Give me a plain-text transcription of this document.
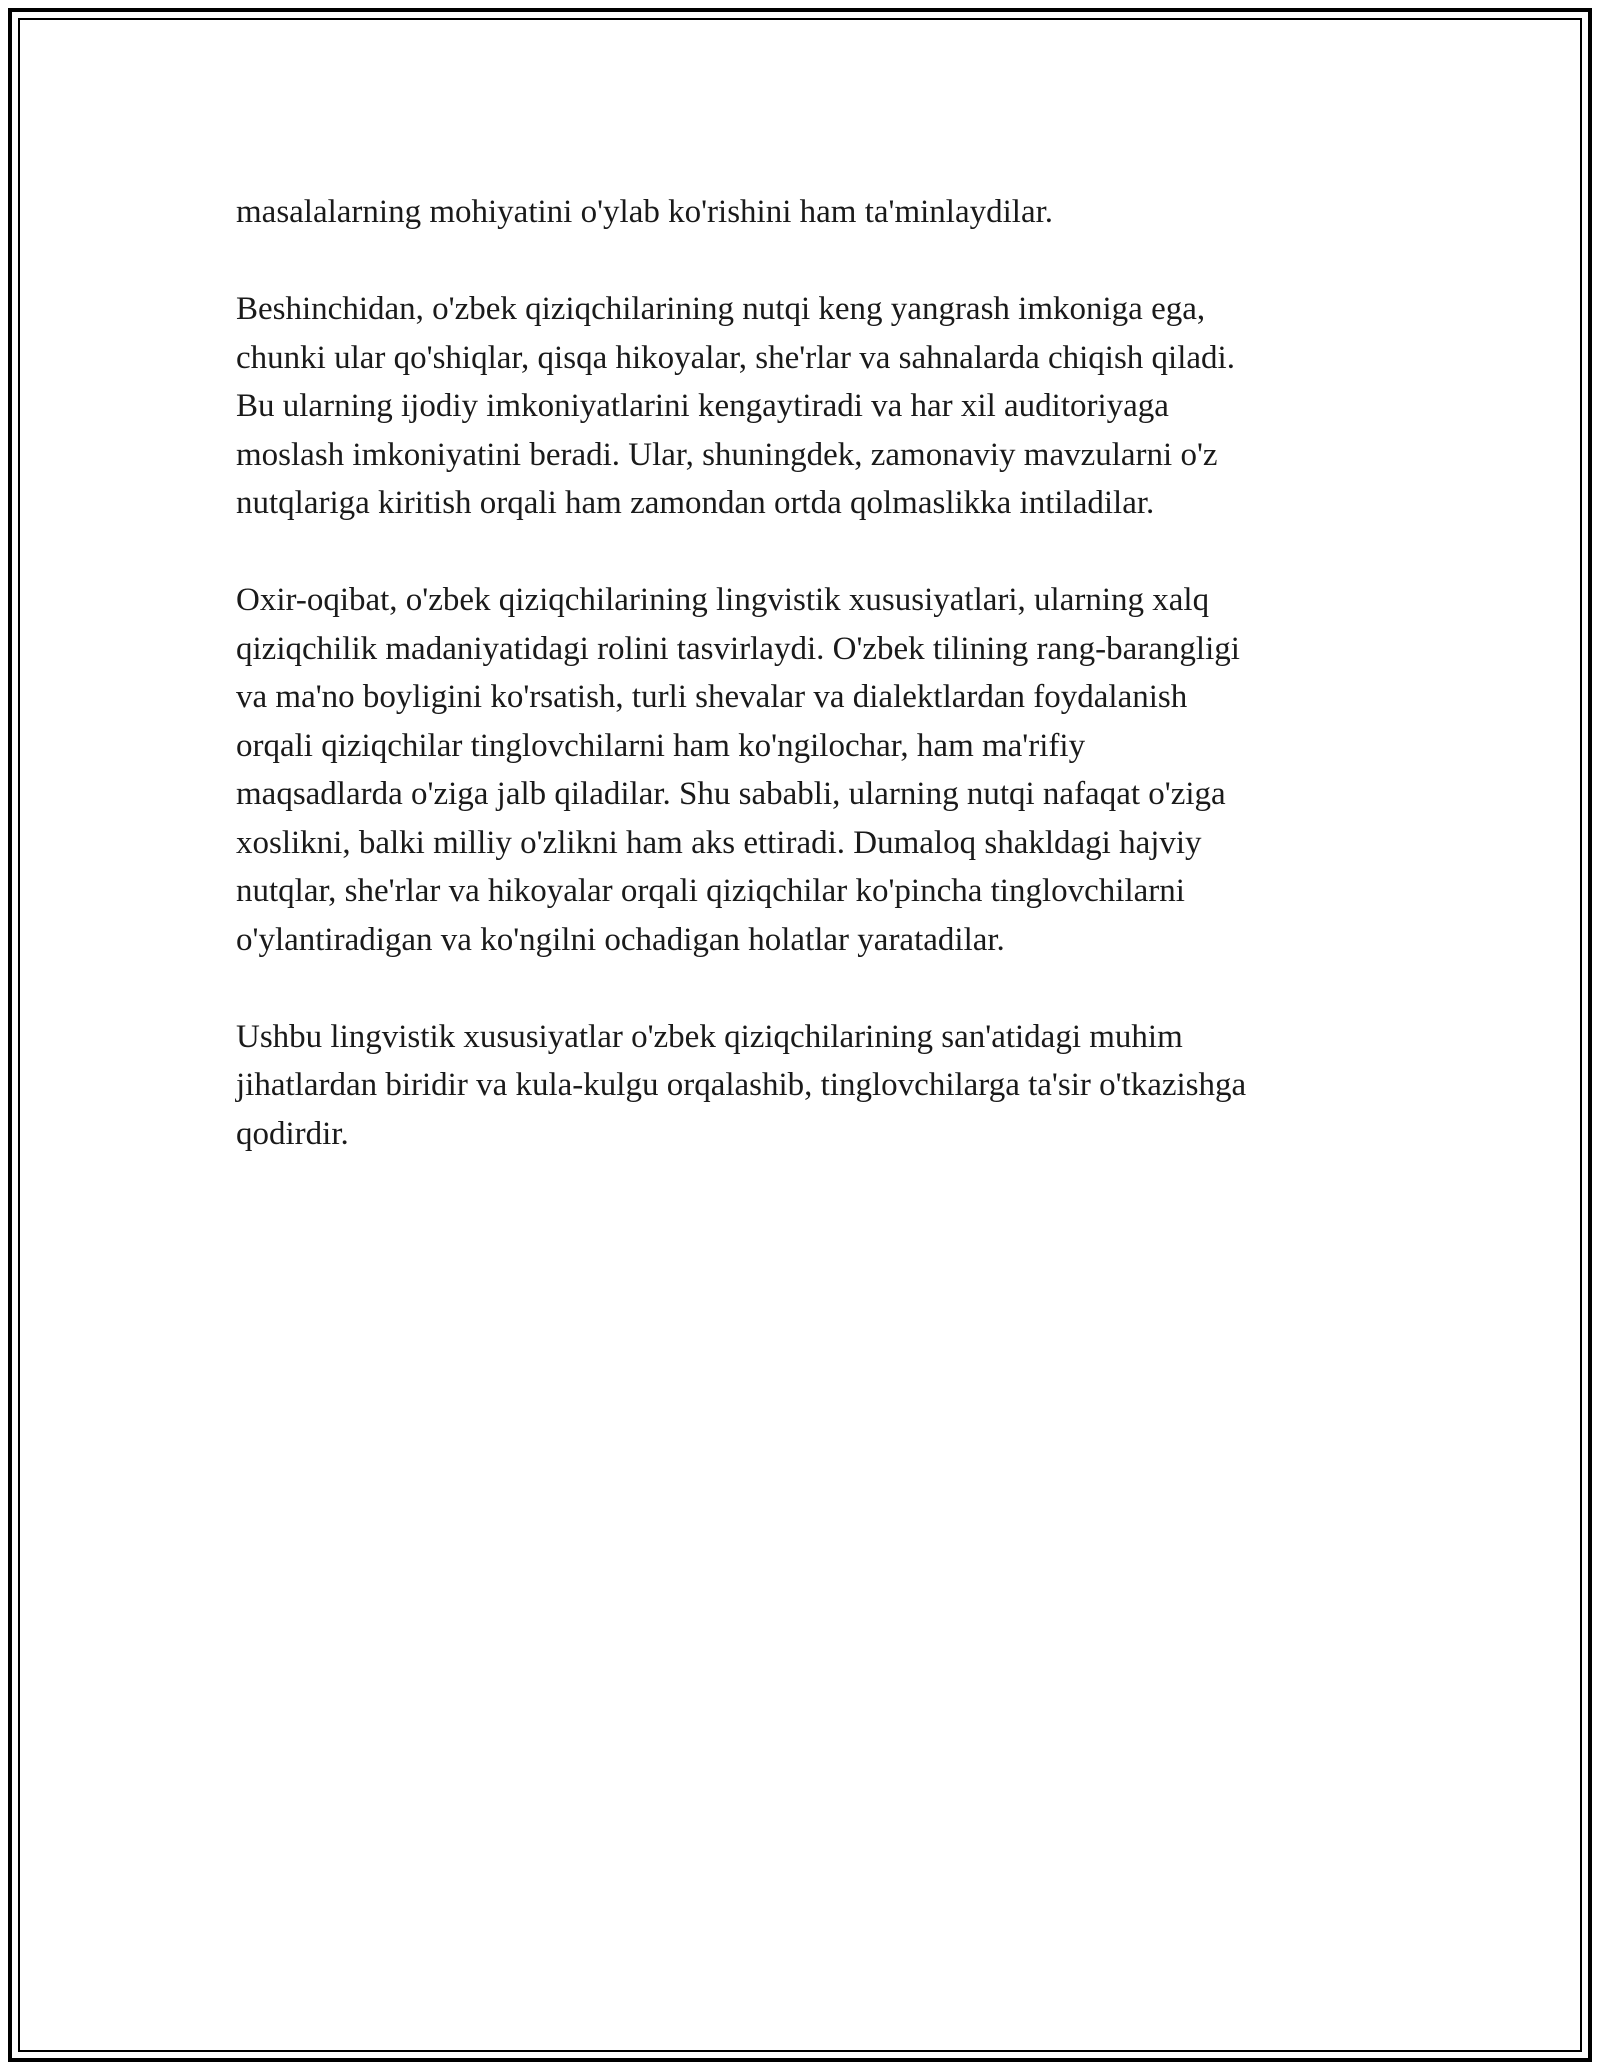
masalalarning mohiyatini o'ylab ko'rishini ham ta'minlaydilar.

Beshinchidan, o'zbek qiziqchilarining nutqi keng yangrash imkoniga ega,
chunki ular qo'shiqlar, qisqa hikoyalar, she'rlar va sahnalarda chiqish qiladi.
Bu ularning ijodiy imkoniyatlarini kengaytiradi va har xil auditoriyaga
moslash imkoniyatini beradi. Ular, shuningdek, zamonaviy mavzularni o'z
nutqlariga kiritish orqali ham zamondan ortda qolmaslikka intiladilar.

Oxir-oqibat, o'zbek qiziqchilarining lingvistik xususiyatlari, ularning xalq
qiziqchilik madaniyatidagi rolini tasvirlaydi. O'zbek tilining rang-barangligi
va ma'no boyligini ko'rsatish, turli shevalar va dialektlardan foydalanish
orqali qiziqchilar tinglovchilarni ham ko'ngilochar, ham ma'rifiy
maqsadlarda o'ziga jalb qiladilar. Shu sababli, ularning nutqi nafaqat o'ziga
xoslikni, balki milliy o'zlikni ham aks ettiradi. Dumaloq shakldagi hajviy
nutqlar, she'rlar va hikoyalar orqali qiziqchilar ko'pincha tinglovchilarni
o'ylantiradigan va ko'ngilni ochadigan holatlar yaratadilar.

Ushbu lingvistik xususiyatlar o'zbek qiziqchilarining san'atidagi muhim
jihatlardan biridir va kula-kulgu orqalashib, tinglovchilarga ta'sir o'tkazishga
qodirdir.
